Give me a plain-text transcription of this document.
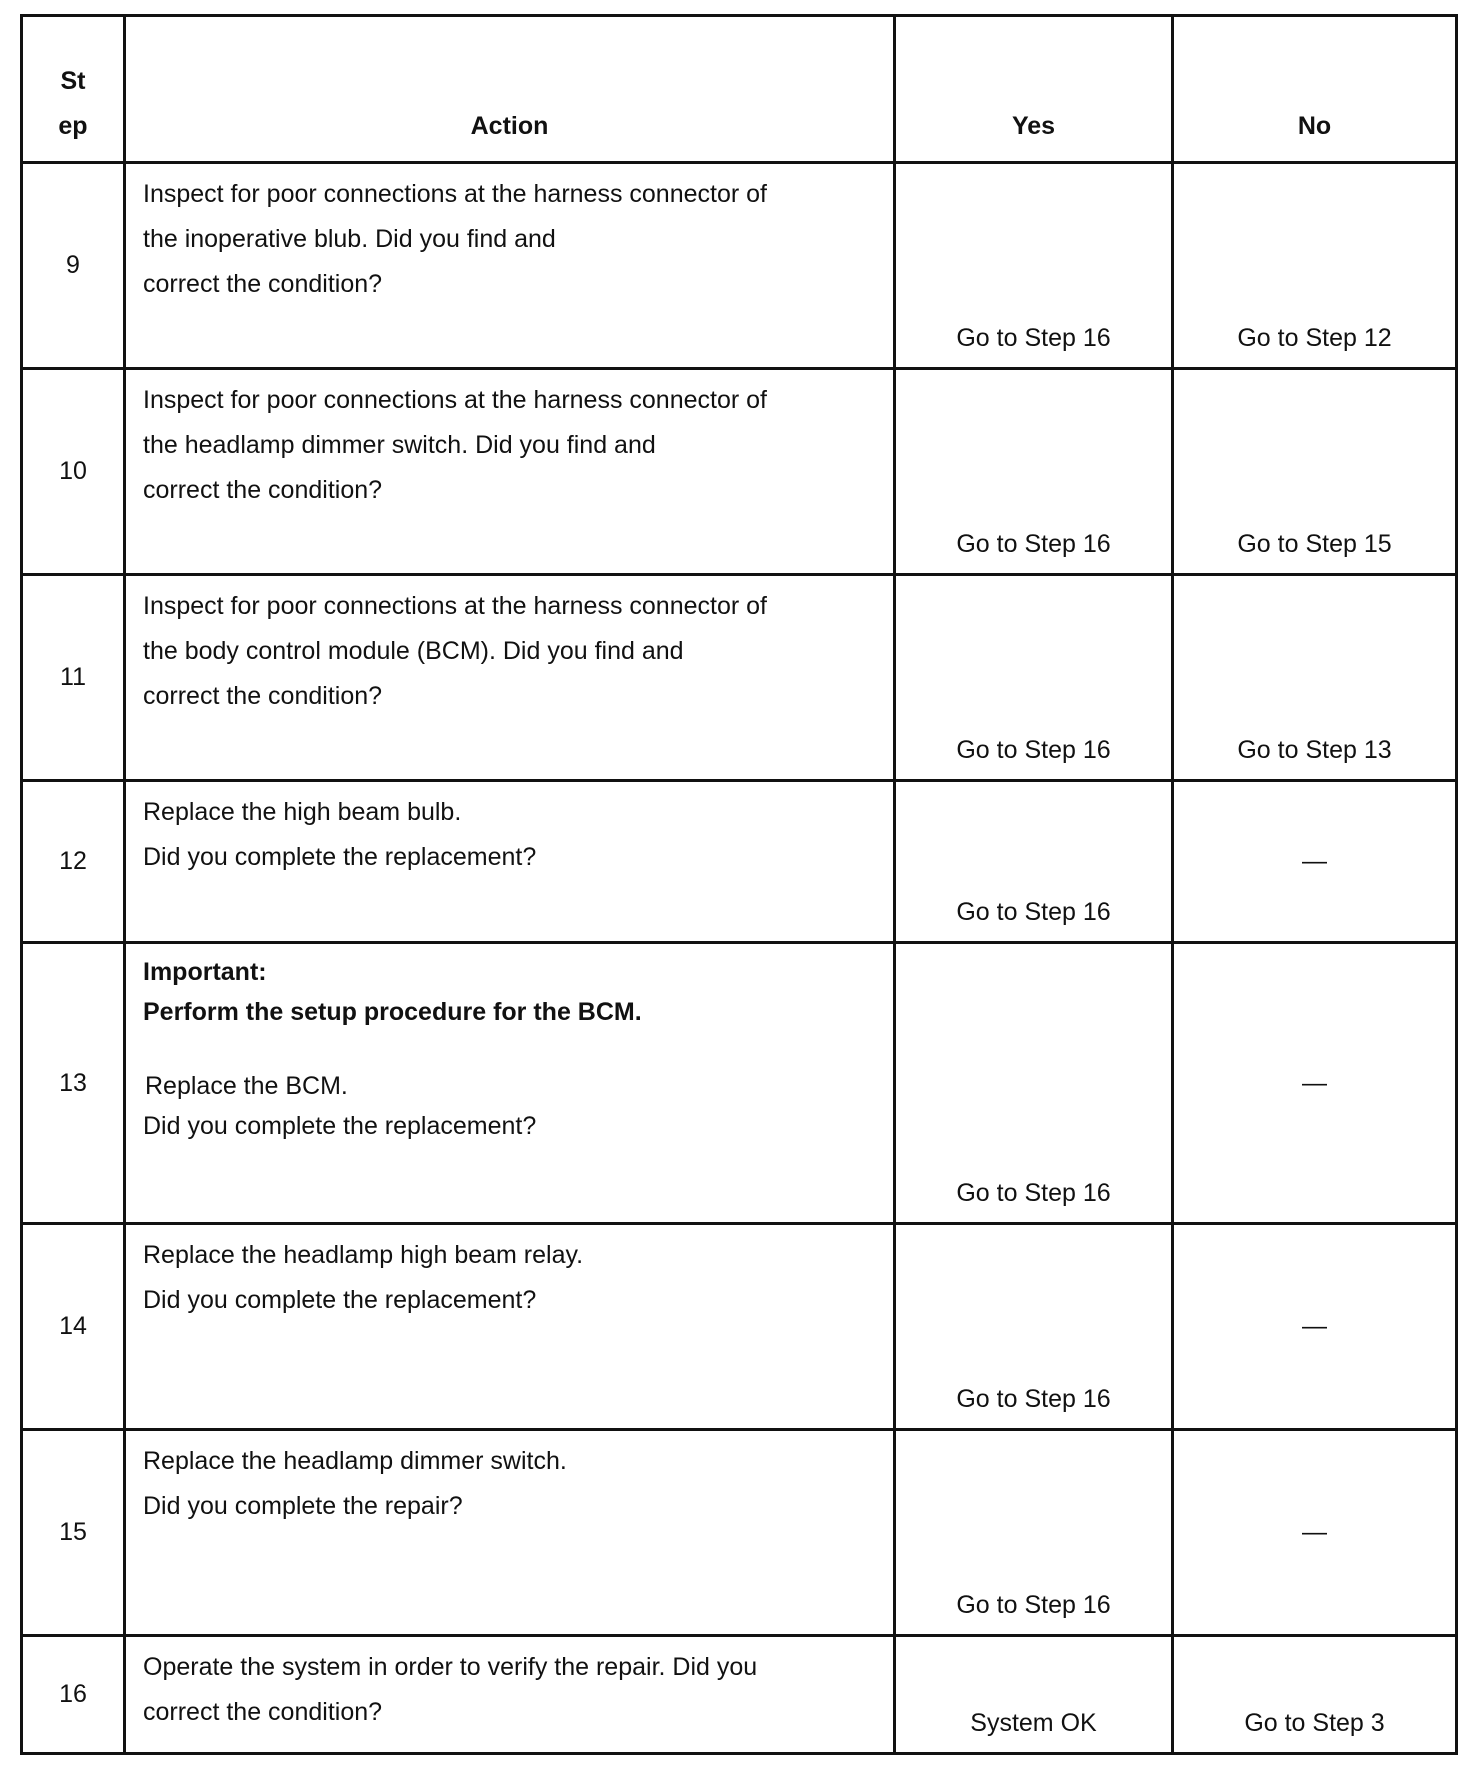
St
ep	Action	Yes	No
9	Inspect for poor connections at the harness connector of
the inoperative blub. Did you find and
correct the condition?	Go to Step 16	Go to Step 12
10	Inspect for poor connections at the harness connector of
the headlamp dimmer switch. Did you find and
correct the condition?	Go to Step 16	Go to Step 15
11	Inspect for poor connections at the harness connector of
the body control module (BCM). Did you find and
correct the condition?	Go to Step 16	Go to Step 13
12	Replace the high beam bulb.
Did you complete the replacement?	Go to Step 16	—
13	Important:
Perform the setup procedure for the BCM.
Replace the BCM.
Did you complete the replacement?	Go to Step 16	—
14	Replace the headlamp high beam relay.
Did you complete the replacement?	Go to Step 16	—
15	Replace the headlamp dimmer switch.
Did you complete the repair?	Go to Step 16	—
16	Operate the system in order to verify the repair. Did you
correct the condition?	System OK	Go to Step 3
